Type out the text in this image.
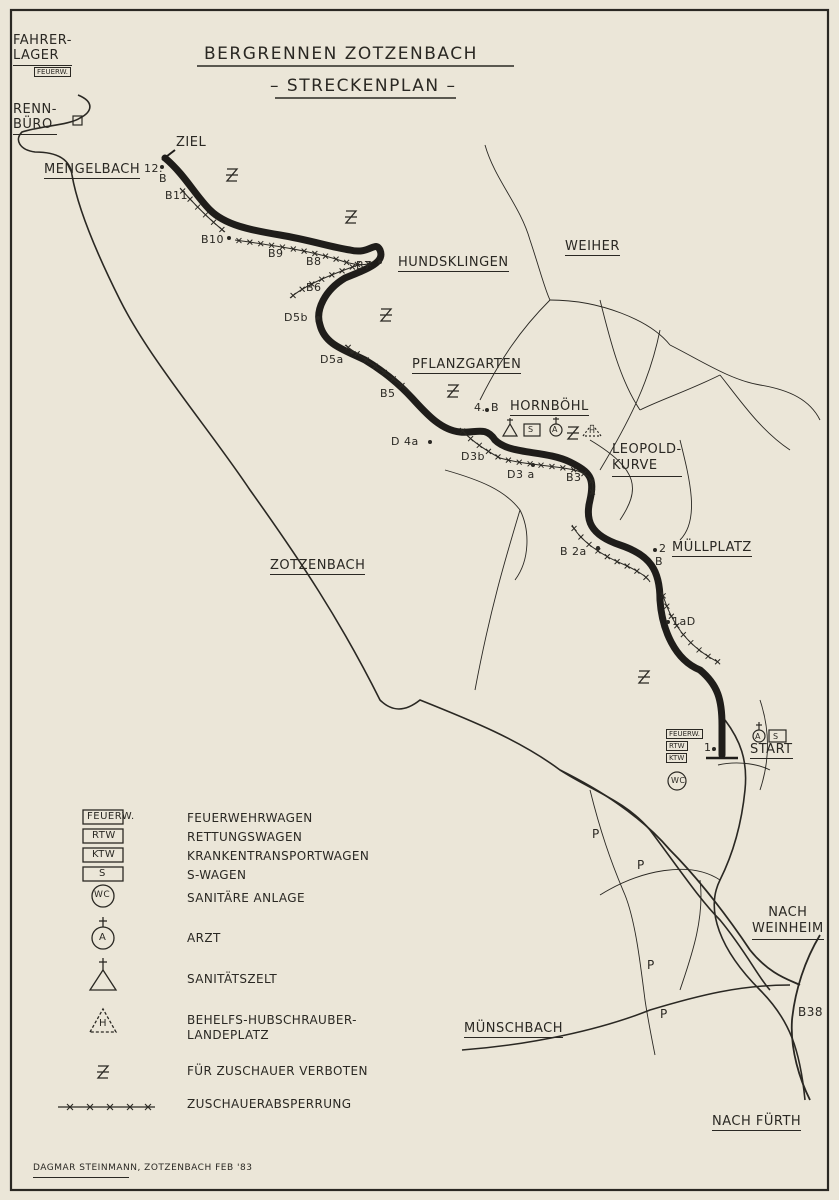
BERGRENNEN ZOTZENBACH
– STRECKENPLAN –
FAHRER-
LAGER
FEUERW.
RENN-
BÜRO
ZIEL
MENGELBACH
HUNDSKLINGEN
WEIHER
PFLANZGARTEN
HORNBÖHL
LEOPOLD-
KURVE
MÜLLPLATZ
ZOTZENBACH
START
NACH
WEINHEIM
MÜNSCHBACH
B38
NACH FÜRTH
12.
B
B11
B10
B9
B8	B7
B6
D5b
D5a
B5
4. B
D 4a
D3b
D3 a	B3
B 2a	2
B
1aD
1.
S A	H
FEUERW.
RTW
KTW
A S
WC
P
P
P
P
FEUERW.
RTW
KTW
S
WC
A
H
FEUERWEHRWAGEN
RETTUNGSWAGEN
KRANKENTRANSPORTWAGEN
S-WAGEN
SANITÄRE ANLAGE
ARZT
SANITÄTSZELT
BEHELFS-HUBSCHRAUBER-
LANDEPLATZ
FÜR ZUSCHAUER VERBOTEN
ZUSCHAUERABSPERRUNG
DAGMAR STEINMANN, ZOTZENBACH FEB '83
